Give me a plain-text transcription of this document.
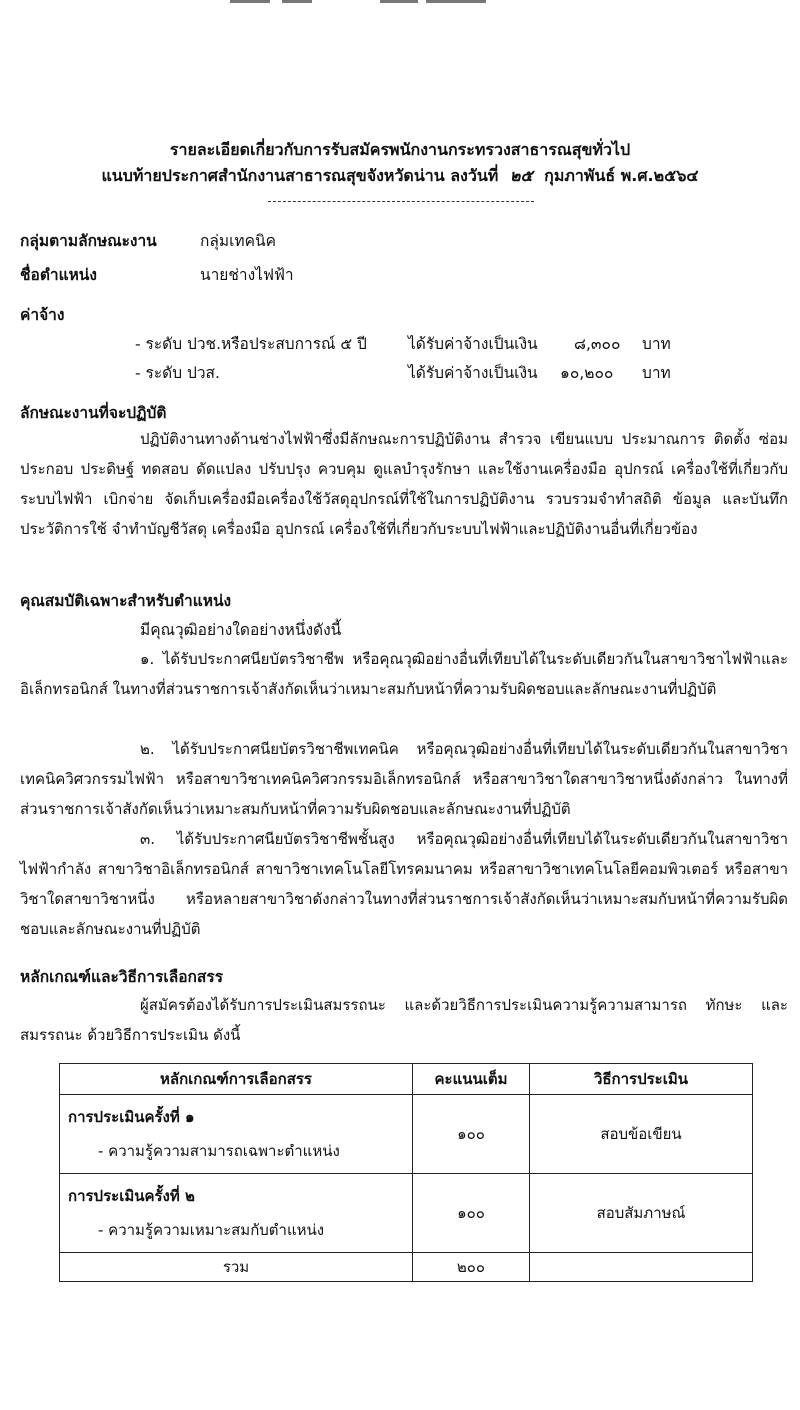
รายละเอียดเกี่ยวกับการรับสมัครพนักงานกระทรวงสาธารณสุขทั่วไป
แนบท้ายประกาศสำนักงานสาธารณสุขจังหวัดน่าน ลงวันที่ ๒๕ กุมภาพันธ์ พ.ศ.๒๕๖๔
กลุ่มตามลักษณะงาน	กลุ่มเทคนิค
ชื่อตำแหน่ง	นายช่างไฟฟ้า
ค่าจ้าง
- ระดับ ปวช.หรือประสบการณ์ ๕ ปี	ได้รับค่าจ้างเป็นเงิน ๘,๓๐๐ บาท
- ระดับ ปวส.	ได้รับค่าจ้างเป็นเงิน ๑๐,๒๐๐ บาท
ลักษณะงานที่จะปฏิบัติ
ปฏิบัติงานทางด้านช่างไฟฟ้าซึ่งมีลักษณะการปฏิบัติงาน สำรวจ เขียนแบบ ประมาณการ ติดตั้ง ซ่อม ประกอบ ประดิษฐ์ ทดสอบ ดัดแปลง ปรับปรุง ควบคุม ดูแลบำรุงรักษา และใช้งานเครื่องมือ อุปกรณ์ เครื่องใช้ที่เกี่ยวกับระบบไฟฟ้า เบิกจ่าย จัดเก็บเครื่องมือเครื่องใช้วัสดุอุปกรณ์ที่ใช้ในการปฏิบัติงาน รวบรวมจำทำสถิติ ข้อมูล และบันทึกประวัติการใช้ จำทำบัญชีวัสดุ เครื่องมือ อุปกรณ์ เครื่องใช้ที่เกี่ยวกับระบบไฟฟ้าและปฏิบัติงานอื่นที่เกี่ยวข้อง
คุณสมบัติเฉพาะสำหรับตำแหน่ง
มีคุณวุฒิอย่างใดอย่างหนึ่งดังนี้
๑. ได้รับประกาศนียบัตรวิชาชีพ หรือคุณวุฒิอย่างอื่นที่เทียบได้ในระดับเดียวกันในสาขาวิชาไฟฟ้าและอิเล็กทรอนิกส์ ในทางที่ส่วนราชการเจ้าสังกัดเห็นว่าเหมาะสมกับหน้าที่ความรับผิดชอบและลักษณะงานที่ปฏิบัติ
๒. ได้รับประกาศนียบัตรวิชาชีพเทคนิค หรือคุณวุฒิอย่างอื่นที่เทียบได้ในระดับเดียวกันในสาขาวิชาเทคนิควิศวกรรมไฟฟ้า หรือสาขาวิชาเทคนิควิศวกรรมอิเล็กทรอนิกส์ หรือสาขาวิชาใดสาขาวิชาหนึ่งดังกล่าว ในทางที่ส่วนราชการเจ้าสังกัดเห็นว่าเหมาะสมกับหน้าที่ความรับผิดชอบและลักษณะงานที่ปฏิบัติ
๓. ได้รับประกาศนียบัตรวิชาชีพชั้นสูง หรือคุณวุฒิอย่างอื่นที่เทียบได้ในระดับเดียวกันในสาขาวิชาไฟฟ้ากำลัง สาขาวิชาอิเล็กทรอนิกส์ สาขาวิชาเทคโนโลยีโทรคมนาคม หรือสาขาวิชาเทคโนโลยีคอมพิวเตอร์ หรือสาขาวิชาใดสาขาวิชาหนึ่ง หรือหลายสาขาวิชาดังกล่าวในทางที่ส่วนราชการเจ้าสังกัดเห็นว่าเหมาะสมกับหน้าที่ความรับผิดชอบและลักษณะงานที่ปฏิบัติ
หลักเกณฑ์และวิธีการเลือกสรร
ผู้สมัครต้องได้รับการประเมินสมรรถนะ และด้วยวิธีการประเมินความรู้ความสามารถ ทักษะ และสมรรถนะ ด้วยวิธีการประเมิน ดังนี้
หลักเกณฑ์การเลือกสรร	คะแนนเต็ม	วิธีการประเมิน
การประเมินครั้งที่ ๑
- ความรู้ความสามารถเฉพาะตำแหน่ง	๑๐๐	สอบข้อเขียน
การประเมินครั้งที่ ๒
- ความรู้ความเหมาะสมกับตำแหน่ง	๑๐๐	สอบสัมภาษณ์
รวม	๒๐๐	
